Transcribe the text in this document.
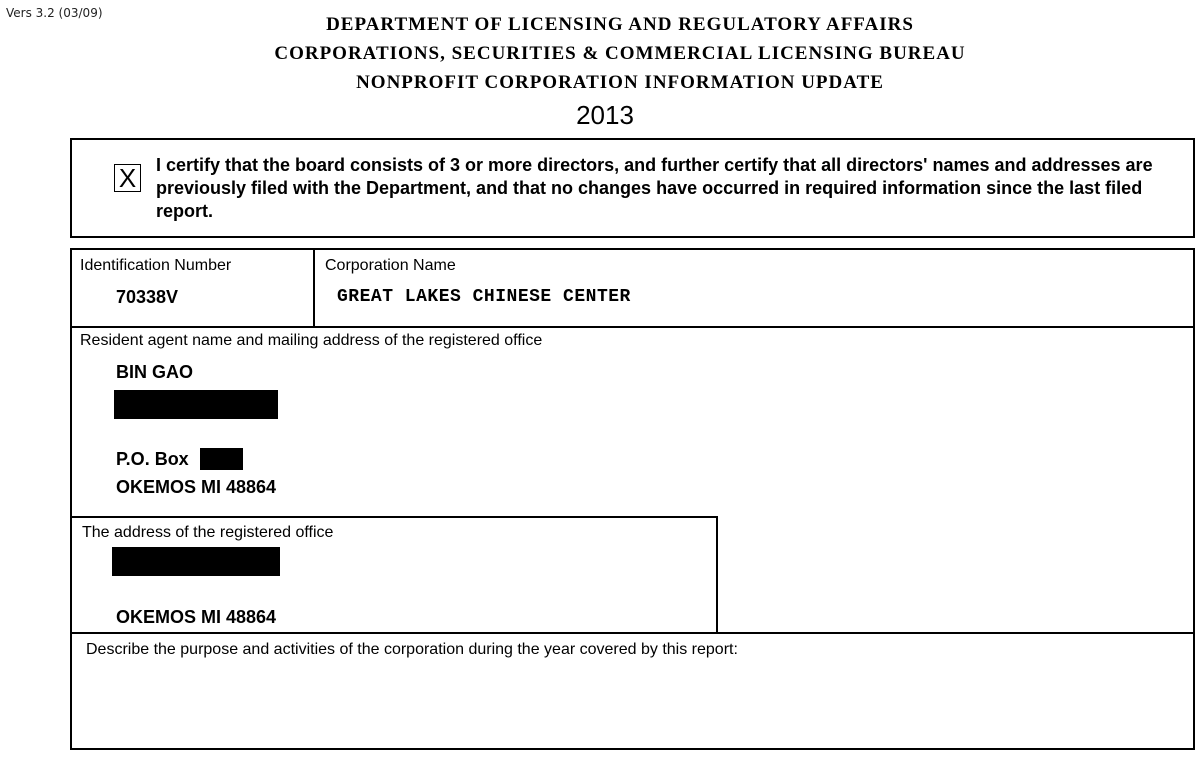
Vers 3.2 (03/09)
DEPARTMENT OF LICENSING AND REGULATORY AFFAIRS
CORPORATIONS, SECURITIES & COMMERCIAL LICENSING BUREAU
NONPROFIT CORPORATION INFORMATION UPDATE
2013
X I certify that the board consists of 3 or more directors, and further certify that all directors' names and addresses are previously filed with the Department, and that no changes have occurred in required information since the last filed report.
Identification Number
70338V
Corporation Name
GREAT LAKES CHINESE CENTER
Resident agent name and mailing address of the registered office
BIN GAO
P.O. Box
OKEMOS MI 48864
The address of the registered office
OKEMOS MI 48864
Describe the purpose and activities of the corporation during the year covered by this report:
